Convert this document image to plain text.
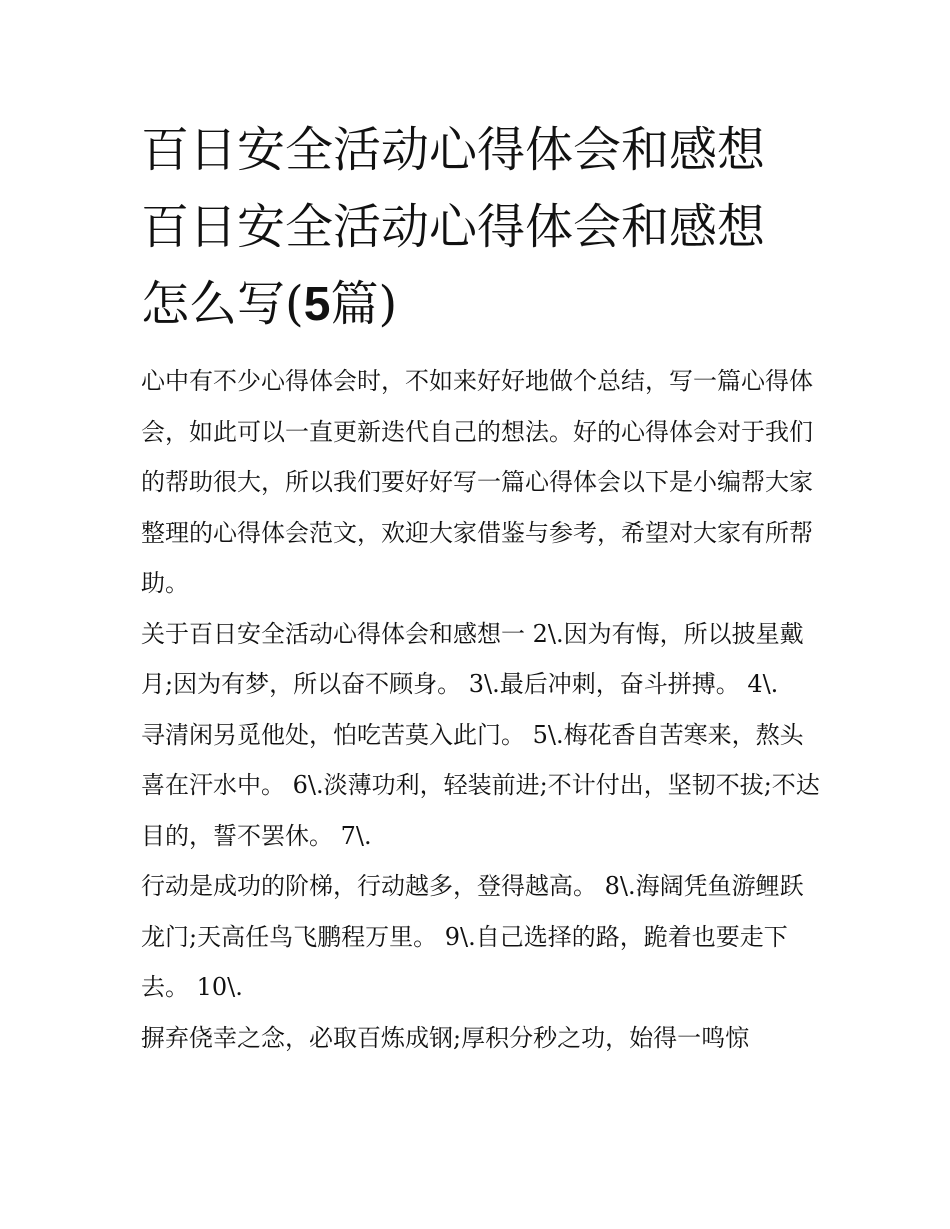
百日安全活动心得体会和感想
百日安全活动心得体会和感想
怎么写(5篇)

心中有不少心得体会时，不如来好好地做个总结，写一篇心得体会，如此可以一直更新迭代自己的想法。好的心得体会对于我们的帮助很大，所以我们要好好写一篇心得体会以下是小编帮大家整理的心得体会范文，欢迎大家借鉴与参考，希望对大家有所帮助。

关于百日安全活动心得体会和感想一 2\.因为有悔，所以披星戴月;因为有梦，所以奋不顾身。 3\.最后冲刺，奋斗拼搏。 4\.

寻清闲另觅他处，怕吃苦莫入此门。 5\.梅花香自苦寒来，熬头喜在汗水中。 6\.淡薄功利，轻装前进;不计付出，坚韧不拔;不达目的，誓不罢休。 7\.

行动是成功的阶梯，行动越多，登得越高。 8\.海阔凭鱼游鲤跃龙门;天高任鸟飞鹏程万里。 9\.自己选择的路，跪着也要走下去。 10\.

摒弃侥幸之念，必取百炼成钢;厚积分秒之功，始得一鸣惊
